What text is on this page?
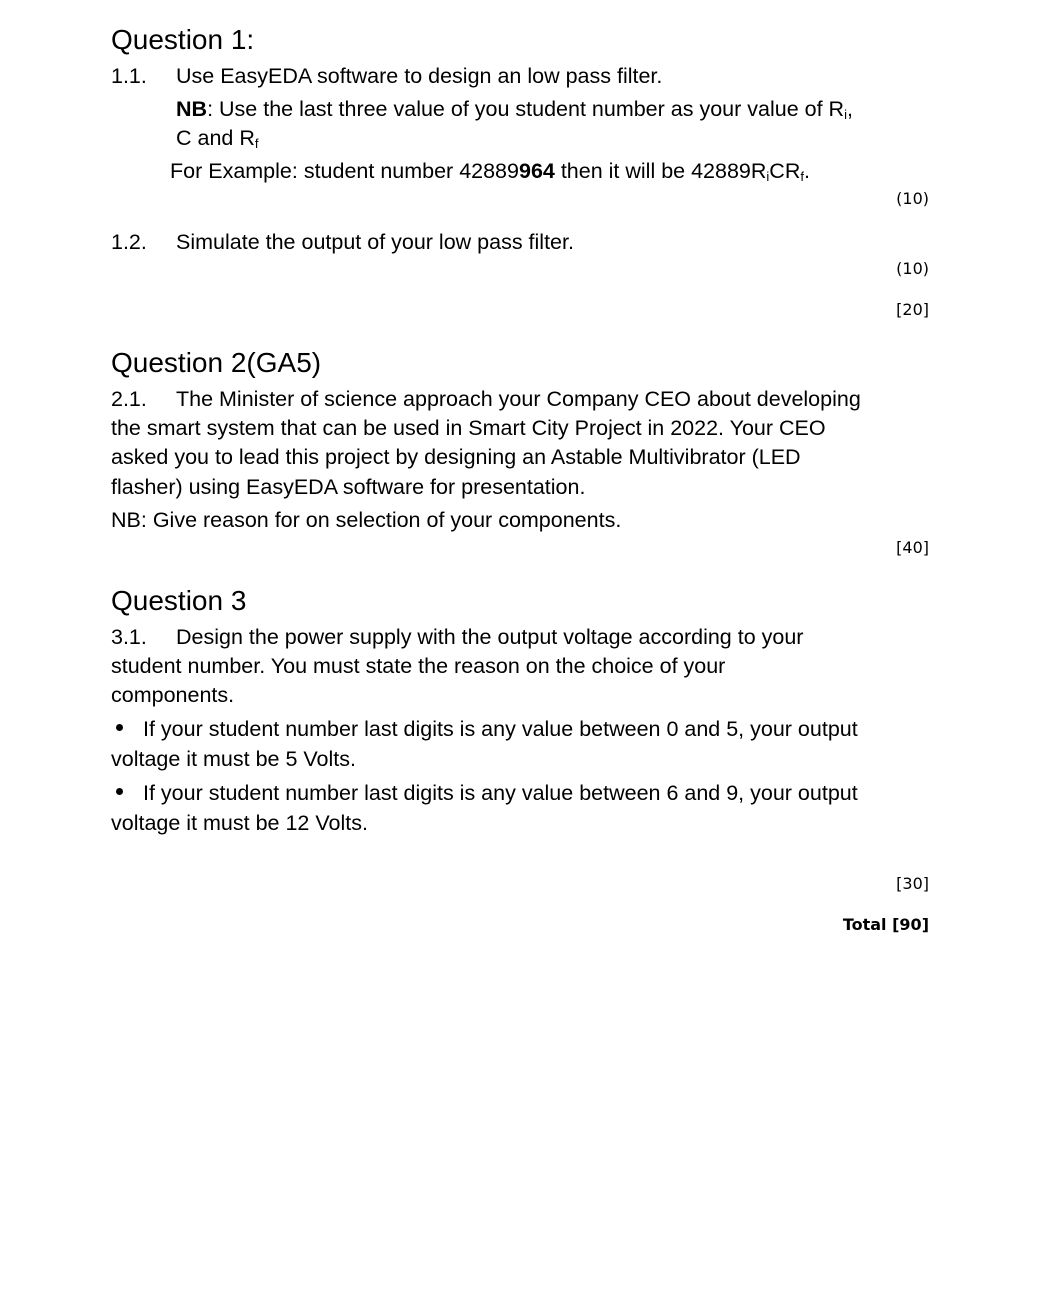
Question 1:
1.1. Use EasyEDA software to design an low pass filter.
NB: Use the last three value of you student number as your value of $R_i$,
C and $R_f$
For Example: student number 42889964 then it will be $42889R_iCR_f$.
(10)
1.2. Simulate the output of your low pass filter.
(10)
[20]
Question 2(GA5)
2.1. The Minister of science approach your Company CEO about developing
the smart system that can be used in Smart City Project in 2022. Your CEO
asked you to lead this project by designing an Astable Multivibrator (LED
flasher) using EasyEDA software for presentation.
NB: Give reason for on selection of your components.
[40]
Question 3
3.1. Design the power supply with the output voltage according to your
student number. You must state the reason on the choice of your
components.
If your student number last digits is any value between 0 and 5, your output
voltage it must be 5 Volts.
If your student number last digits is any value between 6 and 9, your output
voltage it must be 12 Volts.
[30]
Total [90]
